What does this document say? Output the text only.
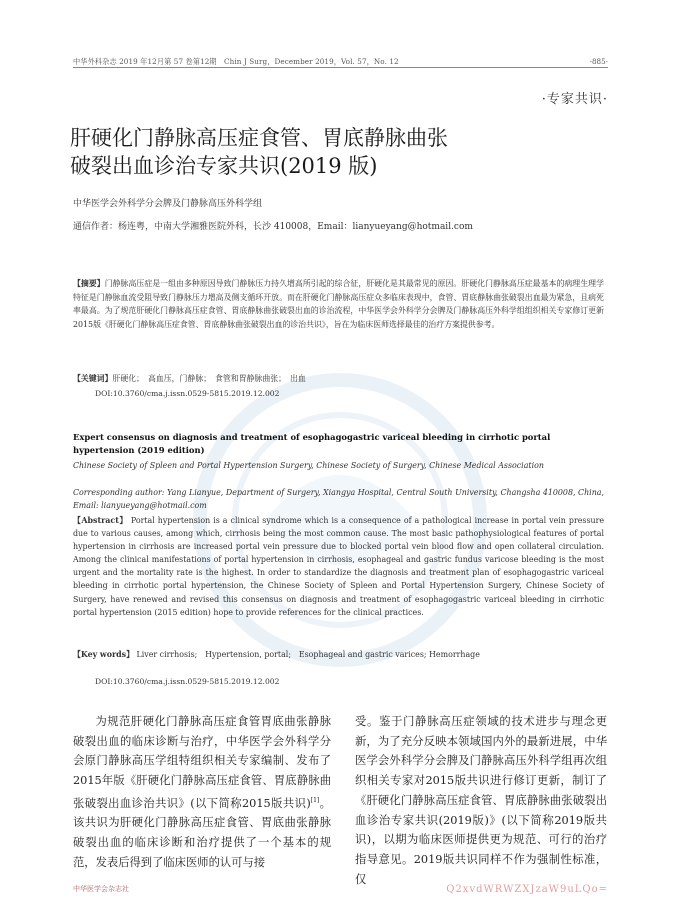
中华外科杂志 2019 年12月第 57 卷第12期　Chin J Surg，December 2019，Vol. 57，No. 12	·885·
·专家共识·
肝硬化门静脉高压症食管、胃底静脉曲张
破裂出血诊治专家共识(2019 版)
中华医学会外科学分会脾及门静脉高压外科学组
通信作者：杨连粤，中南大学湘雅医院外科，长沙 410008，Email：lianyueyang@hotmail.com
【摘要】门静脉高压症是一组由多种原因导致门静脉压力持久增高所引起的综合征，肝硬化是其最常见的原因。肝硬化门静脉高压症最基本的病理生理学特征是门静脉血流受阻导致门静脉压力增高及侧支循环开放。而在肝硬化门静脉高压症众多临床表现中，食管、胃底静脉曲张破裂出血最为紧急，且病死率最高。为了规范肝硬化门静脉高压症食管、胃底静脉曲张破裂出血的诊治流程，中华医学会外科学分会脾及门静脉高压外科学组组织相关专家修订更新2015版《肝硬化门静脉高压症食管、胃底静脉曲张破裂出血的诊治共识》，旨在为临床医师选择最佳的治疗方案提供参考。
【关键词】肝硬化；　高血压，门静脉；　食管和胃静脉曲张；　出血
DOI:10.3760/cma.j.issn.0529-5815.2019.12.002
Expert consensus on diagnosis and treatment of esophagogastric variceal bleeding in cirrhotic portal hypertension (2019 edition)
Chinese Society of Spleen and Portal Hypertension Surgery, Chinese Society of Surgery, Chinese Medical Association
Corresponding author: Yang Lianyue, Department of Surgery, Xiangya Hospital, Central South University, Changsha 410008, China, Email: lianyueyang@hotmail.com
【Abstract】 Portal hypertension is a clinical syndrome which is a consequence of a pathological increase in portal vein pressure due to various causes, among which, cirrhosis being the most common cause. The most basic pathophysiological features of portal hypertension in cirrhosis are increased portal vein pressure due to blocked portal vein blood flow and open collateral circulation. Among the clinical manifestations of portal hypertension in cirrhosis, esophageal and gastric fundus varicose bleeding is the most urgent and the mortality rate is the highest. In order to standardize the diagnosis and treatment plan of esophagogastric variceal bleeding in cirrhotic portal hypertension, the Chinese Society of Spleen and Portal Hypertension Surgery, Chinese Society of Surgery, have renewed and revised this consensus on diagnosis and treatment of esophagogastric variceal bleeding in cirrhotic portal hypertension (2015 edition) hope to provide references for the clinical practices.
【Key words】 Liver cirrhosis;　Hypertension, portal;　Esophageal and gastric varices; Hemorrhage
DOI:10.3760/cma.j.issn.0529-5815.2019.12.002
为规范肝硬化门静脉高压症食管胃底曲张静脉破裂出血的临床诊断与治疗，中华医学会外科学分会原门静脉高压学组特组织相关专家编制、发布了2015年版《肝硬化门静脉高压症食管、胃底静脉曲张破裂出血诊治共识》(以下简称2015版共识)[1]。该共识为肝硬化门静脉高压症食管、胃底曲张静脉破裂出血的临床诊断和治疗提供了一个基本的规范，发表后得到了临床医师的认可与接
受。鉴于门静脉高压症领域的技术进步与理念更新，为了充分反映本领域国内外的最新进展，中华医学会外科学分会脾及门静脉高压外科学组再次组织相关专家对2015版共识进行修订更新，制订了《肝硬化门静脉高压症食管、胃底静脉曲张破裂出血诊治专家共识(2019版)》(以下简称2019版共识)，以期为临床医师提供更为规范、可行的治疗指导意见。2019版共识同样不作为强制性标准，仅
中华医学会杂志社	Q2xvdWRWZXJzaW9uLQo=
